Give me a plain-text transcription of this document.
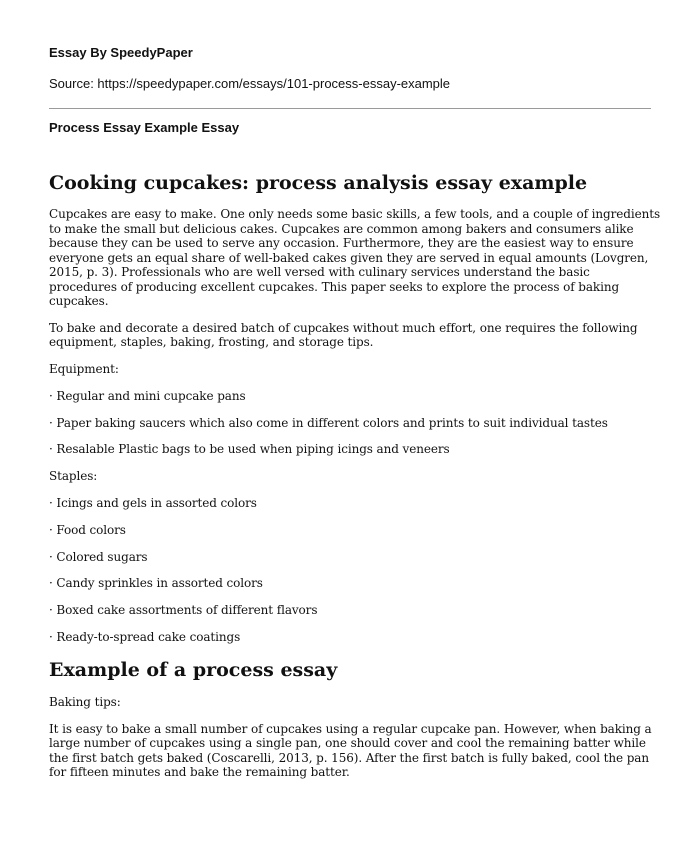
Essay By SpeedyPaper

Source: https://speedypaper.com/essays/101-process-essay-example

Process Essay Example Essay

Cooking cupcakes: process analysis essay example

Cupcakes are easy to make. One only needs some basic skills, a few tools, and a couple of ingredients to make the small but delicious cakes. Cupcakes are common among bakers and consumers alike because they can be used to serve any occasion. Furthermore, they are the easiest way to ensure everyone gets an equal share of well-baked cakes given they are served in equal amounts (Lovgren, 2015, p. 3). Professionals who are well versed with culinary services understand the basic procedures of producing excellent cupcakes. This paper seeks to explore the process of baking cupcakes.

To bake and decorate a desired batch of cupcakes without much effort, one requires the following equipment, staples, baking, frosting, and storage tips.

Equipment:

· Regular and mini cupcake pans

· Paper baking saucers which also come in different colors and prints to suit individual tastes

· Resalable Plastic bags to be used when piping icings and veneers

Staples:

· Icings and gels in assorted colors

· Food colors

· Colored sugars

· Candy sprinkles in assorted colors

· Boxed cake assortments of different flavors

· Ready-to-spread cake coatings

Example of a process essay

Baking tips:

It is easy to bake a small number of cupcakes using a regular cupcake pan. However, when baking a large number of cupcakes using a single pan, one should cover and cool the remaining batter while the first batch gets baked (Coscarelli, 2013, p. 156). After the first batch is fully baked, cool the pan for fifteen minutes and bake the remaining batter.
